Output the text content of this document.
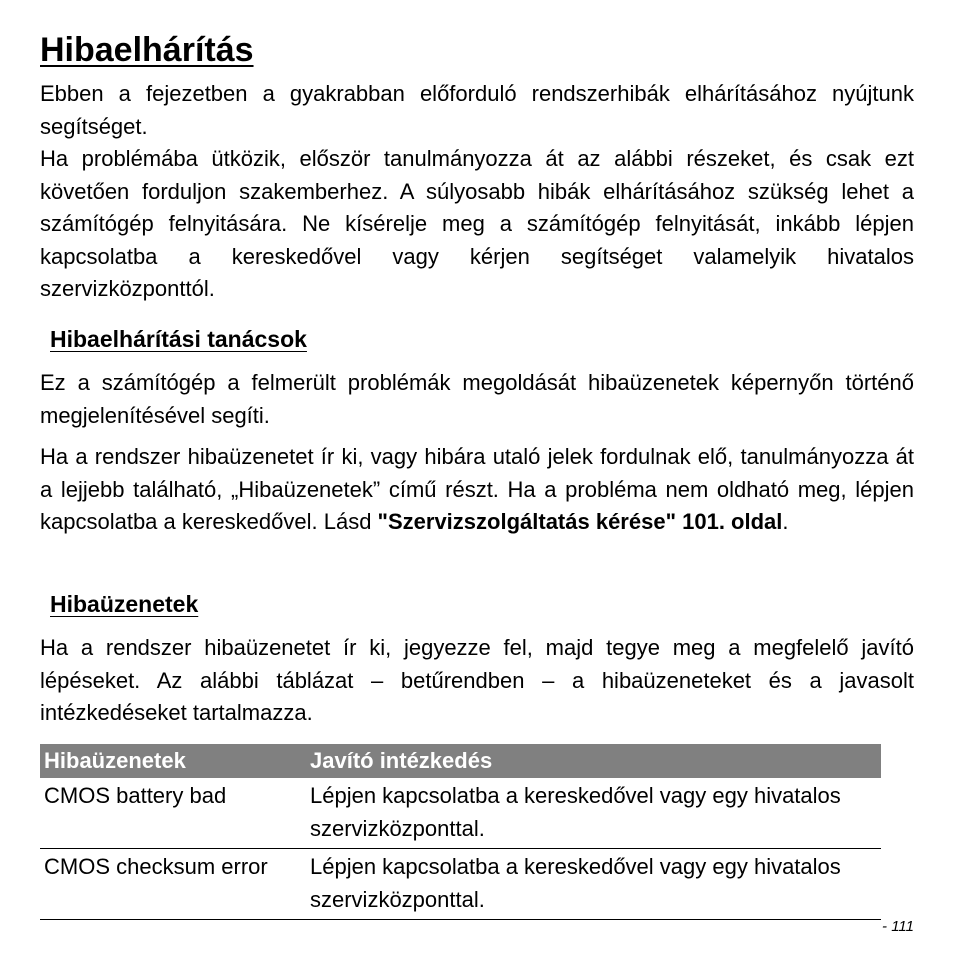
Hibaelhárítás

Ebben a fejezetben a gyakrabban előforduló rendszerhibák elhárításához nyújtunk segítséget.

Ha problémába ütközik, először tanulmányozza át az alábbi részeket, és csak ezt követően forduljon szakemberhez. A súlyosabb hibák elhárításához szükség lehet a számítógép felnyitására. Ne kísérelje meg a számítógép felnyitását, inkább lépjen kapcsolatba a kereskedővel vagy kérjen segítséget valamelyik hivatalos szervizközponttól.

Hibaelhárítási tanácsok

Ez a számítógép a felmerült problémák megoldását hibaüzenetek képernyőn történő megjelenítésével segíti.

Ha a rendszer hibaüzenetet ír ki, vagy hibára utaló jelek fordulnak elő, tanulmányozza át a lejjebb található, „Hibaüzenetek” című részt. Ha a probléma nem oldható meg, lépjen kapcsolatba a kereskedővel. Lásd "Szervizszolgáltatás kérése" 101. oldal.

Hibaüzenetek

Ha a rendszer hibaüzenetet ír ki, jegyezze fel, majd tegye meg a megfelelő javító lépéseket. Az alábbi táblázat – betűrendben – a hibaüzeneteket és a javasolt intézkedéseket tartalmazza.

Hibaüzenetek	Javító intézkedés
CMOS battery bad	Lépjen kapcsolatba a kereskedővel vagy egy hivatalos szervizközponttal.
CMOS checksum error	Lépjen kapcsolatba a kereskedővel vagy egy hivatalos szervizközponttal.
- 111
